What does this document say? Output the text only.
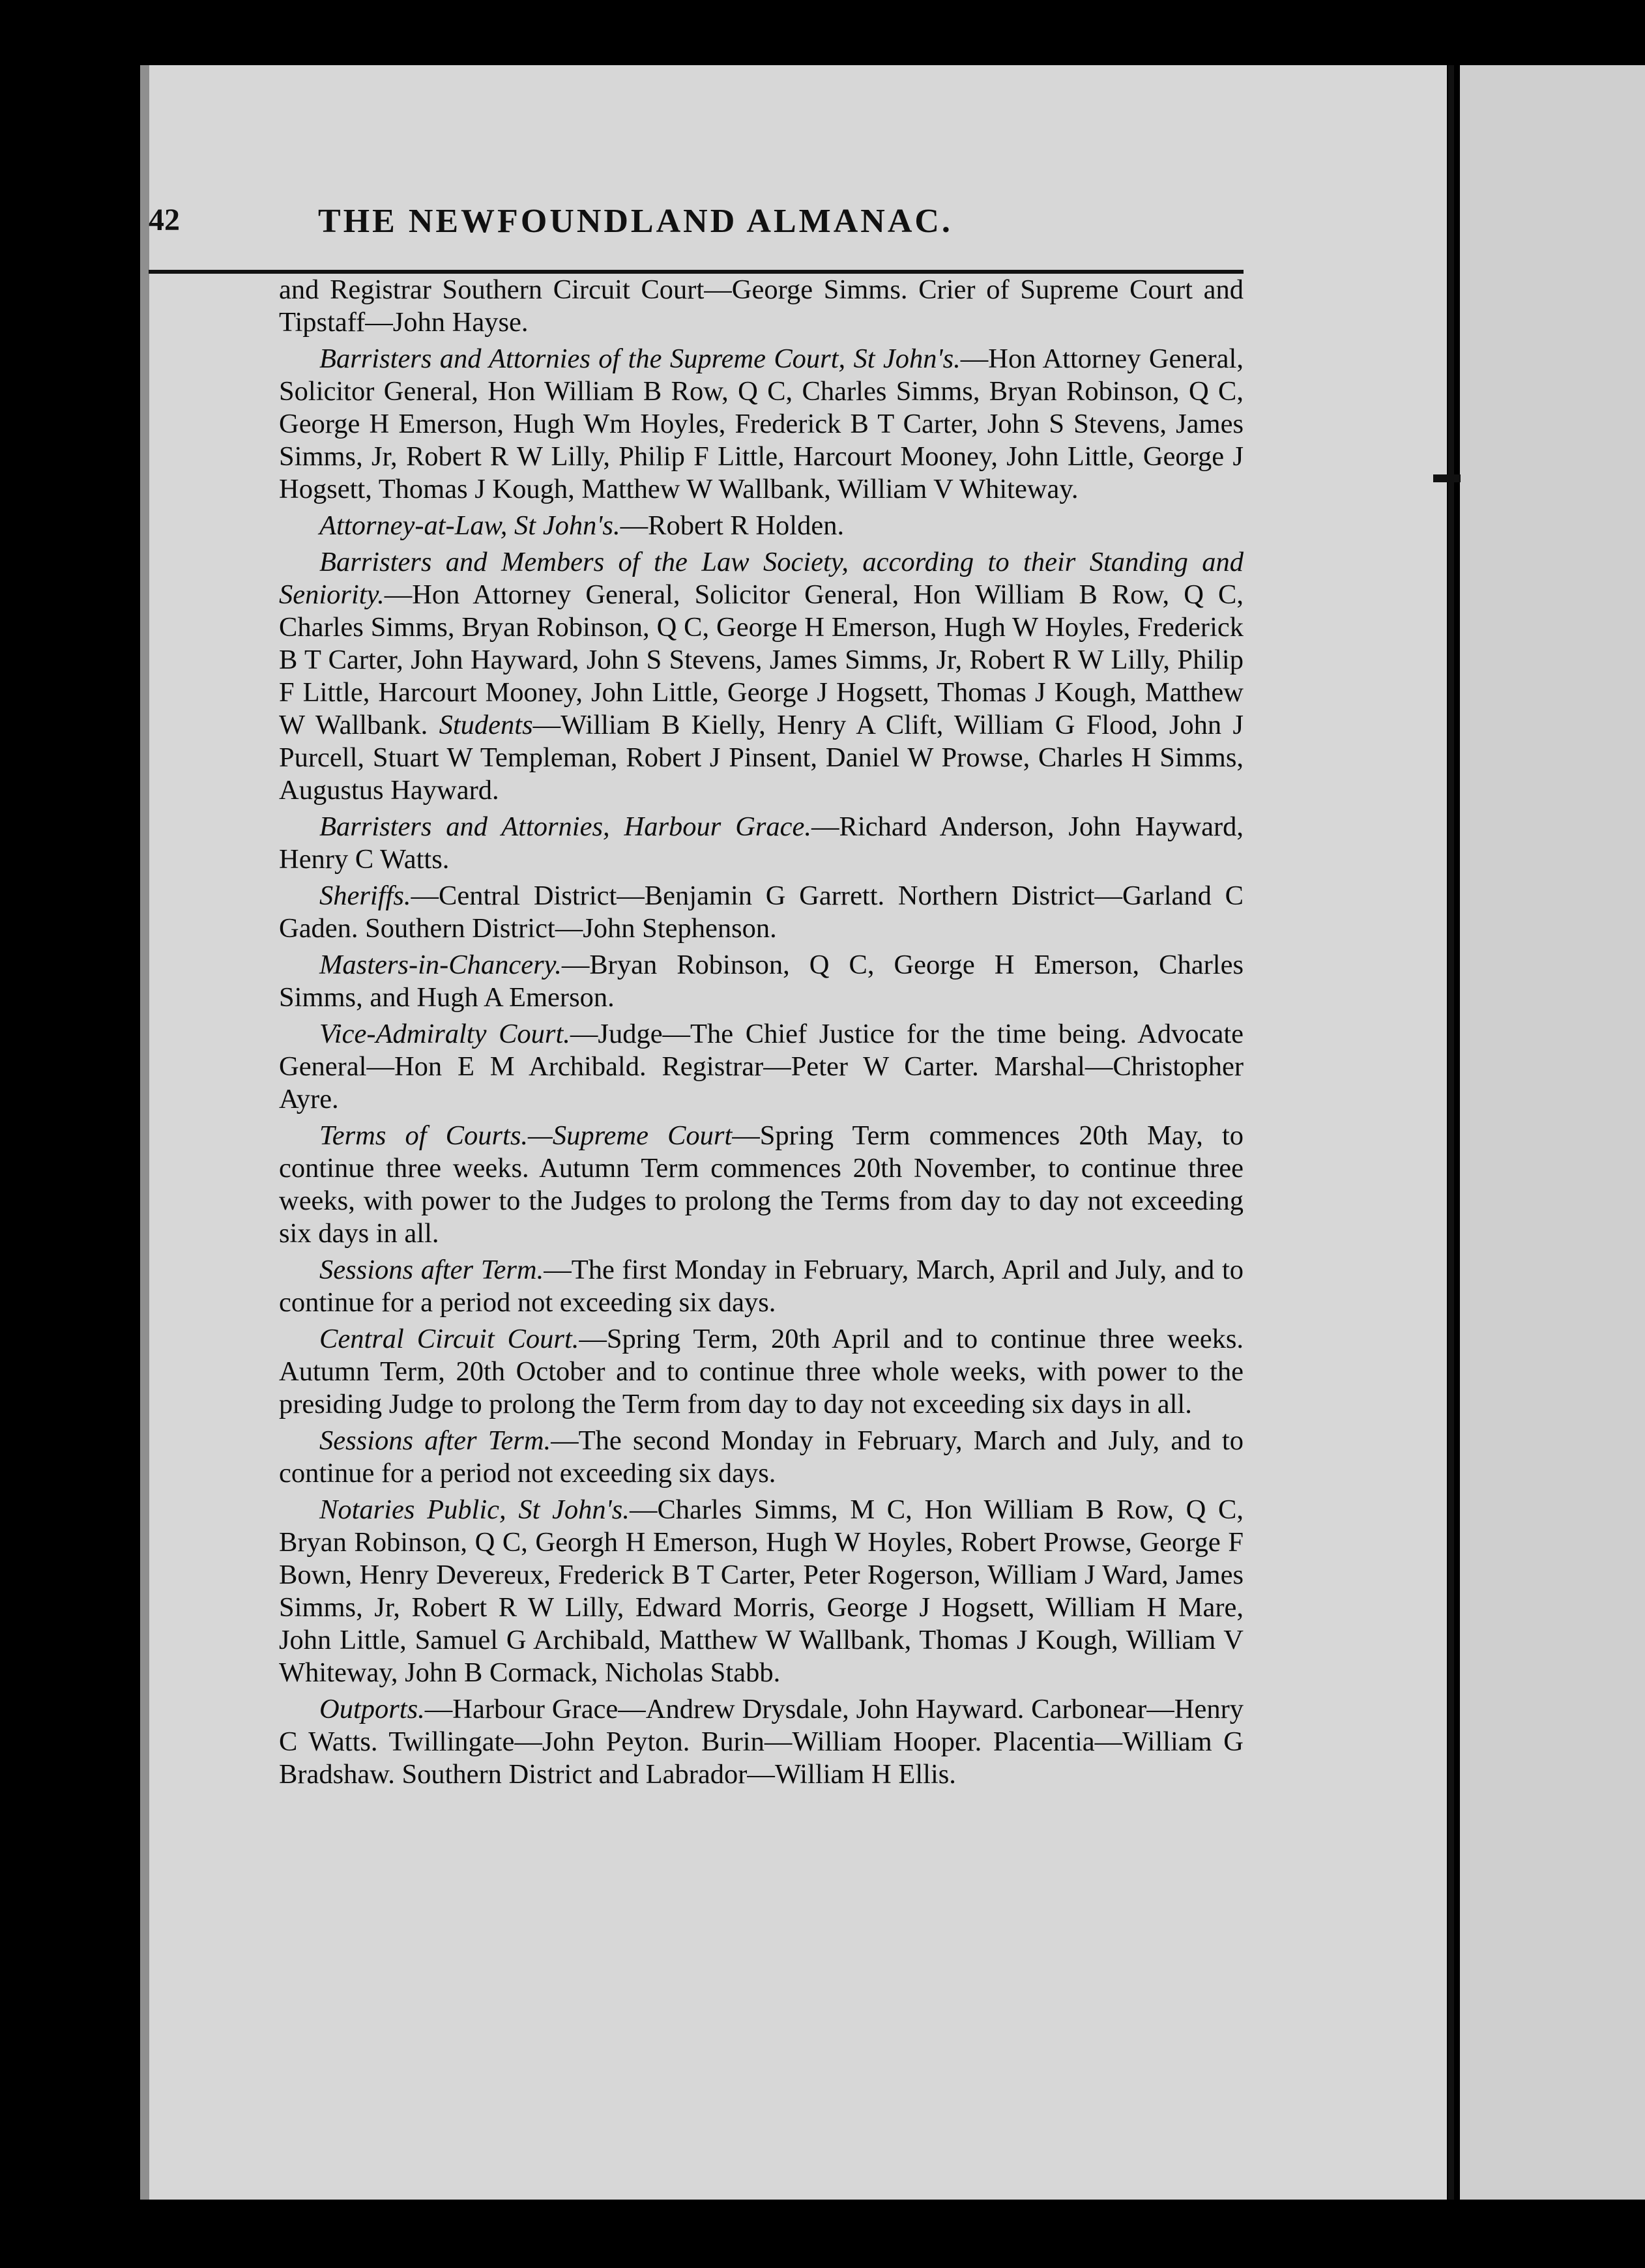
42	THE NEWFOUNDLAND ALMANAC.

and Registrar Southern Circuit Court—George Simms. Crier of Supreme Court and Tipstaff—John Hayse.

Barristers and Attornies of the Supreme Court, St John's.—Hon Attorney General, Solicitor General, Hon William B Row, Q C, Charles Simms, Bryan Robinson, Q C, George H Emerson, Hugh Wm Hoyles, Frederick B T Carter, John S Stevens, James Simms, Jr, Robert R W Lilly, Philip F Little, Harcourt Mooney, John Little, George J Hogsett, Thomas J Kough, Matthew W Wallbank, William V Whiteway.

Attorney-at-Law, St John's.—Robert R Holden.

Barristers and Members of the Law Society, according to their Standing and Seniority.—Hon Attorney General, Solicitor General, Hon William B Row, Q C, Charles Simms, Bryan Robinson, Q C, George H Emerson, Hugh W Hoyles, Frederick B T Carter, John Hayward, John S Stevens, James Simms, Jr, Robert R W Lilly, Philip F Little, Harcourt Mooney, John Little, George J Hogsett, Thomas J Kough, Matthew W Wallbank. Students—William B Kielly, Henry A Clift, William G Flood, John J Purcell, Stuart W Templeman, Robert J Pinsent, Daniel W Prowse, Charles H Simms, Augustus Hayward.

Barristers and Attornies, Harbour Grace.—Richard Anderson, John Hayward, Henry C Watts.

Sheriffs.—Central District—Benjamin G Garrett. Northern District—Garland C Gaden. Southern District—John Stephenson.

Masters-in-Chancery.—Bryan Robinson, Q C, George H Emerson, Charles Simms, and Hugh A Emerson.

Vice-Admiralty Court.—Judge—The Chief Justice for the time being. Advocate General—Hon E M Archibald. Registrar—Peter W Carter. Marshal—Christopher Ayre.

Terms of Courts.—Supreme Court—Spring Term commences 20th May, to continue three weeks. Autumn Term commences 20th November, to continue three weeks, with power to the Judges to prolong the Terms from day to day not exceeding six days in all.

Sessions after Term.—The first Monday in February, March, April and July, and to continue for a period not exceeding six days.

Central Circuit Court.—Spring Term, 20th April and to continue three weeks. Autumn Term, 20th October and to continue three whole weeks, with power to the presiding Judge to prolong the Term from day to day not exceeding six days in all.

Sessions after Term.—The second Monday in February, March and July, and to continue for a period not exceeding six days.

Notaries Public, St John's.—Charles Simms, M C, Hon William B Row, Q C, Bryan Robinson, Q C, Georgh H Emerson, Hugh W Hoyles, Robert Prowse, George F Bown, Henry Devereux, Frederick B T Carter, Peter Rogerson, William J Ward, James Simms, Jr, Robert R W Lilly, Edward Morris, George J Hogsett, William H Mare, John Little, Samuel G Archibald, Matthew W Wallbank, Thomas J Kough, William V Whiteway, John B Cormack, Nicholas Stabb.

Outports.—Harbour Grace—Andrew Drysdale, John Hayward. Carbonear—Henry C Watts. Twillingate—John Peyton. Burin—William Hooper. Placentia—William G Bradshaw. Southern District and Labrador—William H Ellis.
